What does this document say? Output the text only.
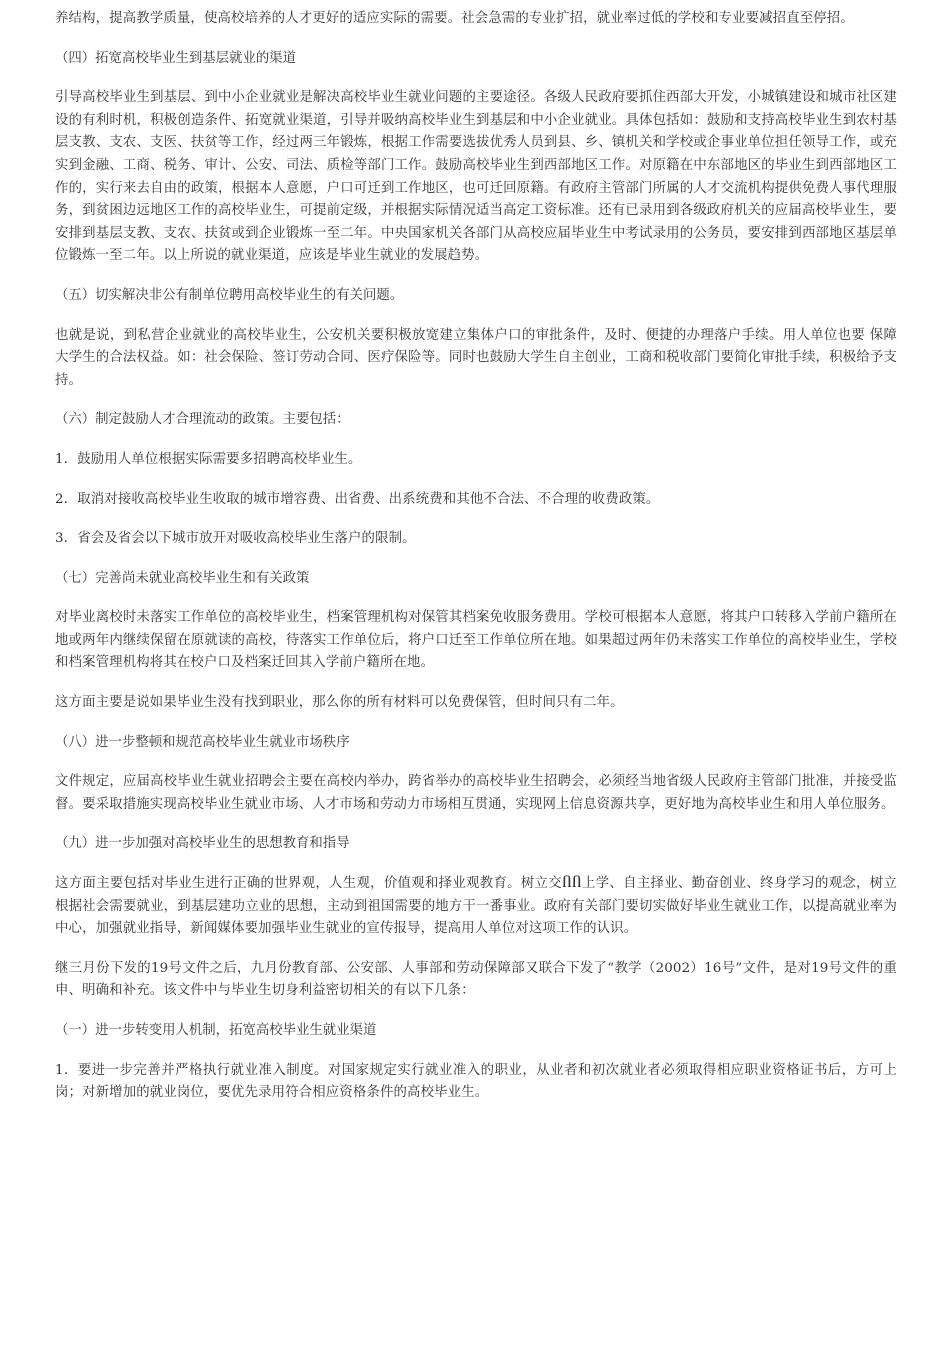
养结构，提高教学质量，使高校培养的人才更好的适应实际的需要。社会急需的专业扩招，就业率过低的学校和专业要减招直至停招。

（四）拓宽高校毕业生到基层就业的渠道

引导高校毕业生到基层、到中小企业就业是解决高校毕业生就业问题的主要途径。各级人民政府要抓住西部大开发，小城镇建设和城市社区建设的有利时机，积极创造条件、拓宽就业渠道，引导并吸纳高校毕业生到基层和中小企业就业。具体包括如：鼓励和支持高校毕业生到农村基层支教、支农、支医、扶贫等工作，经过两三年锻炼，根据工作需要选拔优秀人员到县、乡、镇机关和学校或企事业单位担任领导工作，或充实到金融、工商、税务、审计、公安、司法、质检等部门工作。鼓励高校毕业生到西部地区工作。对原籍在中东部地区的毕业生到西部地区工作的，实行来去自由的政策，根据本人意愿，户口可迁到工作地区，也可迁回原籍。有政府主管部门所属的人才交流机构提供免费人事代理服务，到贫困边远地区工作的高校毕业生，可提前定级，并根据实际情况适当高定工资标准。还有已录用到各级政府机关的应届高校毕业生，要安排到基层支教、支农、扶贫或到企业锻炼一至二年。中央国家机关各部门从高校应届毕业生中考试录用的公务员，要安排到西部地区基层单位锻炼一至二年。以上所说的就业渠道，应该是毕业生就业的发展趋势。

（五）切实解决非公有制单位聘用高校毕业生的有关问题。

也就是说，到私营企业就业的高校毕业生，公安机关要积极放宽建立集体户口的审批条件，及时、便捷的办理落户手续。用人单位也要 保障大学生的合法权益。如：社会保险、签订劳动合同、医疗保险等。同时也鼓励大学生自主创业，工商和税收部门要简化审批手续，积极给予支持。

（六）制定鼓励人才合理流动的政策。主要包括：

1．鼓励用人单位根据实际需要多招聘高校毕业生。

2．取消对接收高校毕业生收取的城市增容费、出省费、出系统费和其他不合法、不合理的收费政策。

3．省会及省会以下城市放开对吸收高校毕业生落户的限制。

（七）完善尚未就业高校毕业生和有关政策

对毕业离校时未落实工作单位的高校毕业生，档案管理机构对保管其档案免收服务费用。学校可根据本人意愿，将其户口转移入学前户籍所在地或两年内继续保留在原就读的高校，待落实工作单位后，将户口迁至工作单位所在地。如果超过两年仍未落实工作单位的高校毕业生，学校和档案管理机构将其在校户口及档案迁回其入学前户籍所在地。

这方面主要是说如果毕业生没有找到职业，那么你的所有材料可以免费保管，但时间只有二年。

（八）进一步整顿和规范高校毕业生就业市场秩序

文件规定，应届高校毕业生就业招聘会主要在高校内举办，跨省举办的高校毕业生招聘会，必须经当地省级人民政府主管部门批准，并接受监督。要采取措施实现高校毕业生就业市场、人才市场和劳动力市场相互贯通，实现网上信息资源共享，更好地为高校毕业生和用人单位服务。

（九）进一步加强对高校毕业生的思想教育和指导

这方面主要包括对毕业生进行正确的世界观，人生观，价值观和择业观教育。树立交ႶႶ上学、自主择业、勤奋创业、终身学习的观念，树立根据社会需要就业，到基层建功立业的思想，主动到祖国需要的地方干一番事业。政府有关部门要切实做好毕业生就业工作，以提高就业率为中心，加强就业指导，新闻媒体要加强毕业生就业的宣传报导，提高用人单位对这项工作的认识。

继三月份下发的19号文件之后，九月份教育部、公安部、人事部和劳动保障部又联合下发了“教学（2002）16号”文件，是对19号文件的重申、明确和补充。该文件中与毕业生切身利益密切相关的有以下几条：

（一）进一步转变用人机制，拓宽高校毕业生就业渠道

1．要进一步完善并严格执行就业准入制度。对国家规定实行就业准入的职业，从业者和初次就业者必须取得相应职业资格证书后，方可上岗；对新增加的就业岗位，要优先录用符合相应资格条件的高校毕业生。
